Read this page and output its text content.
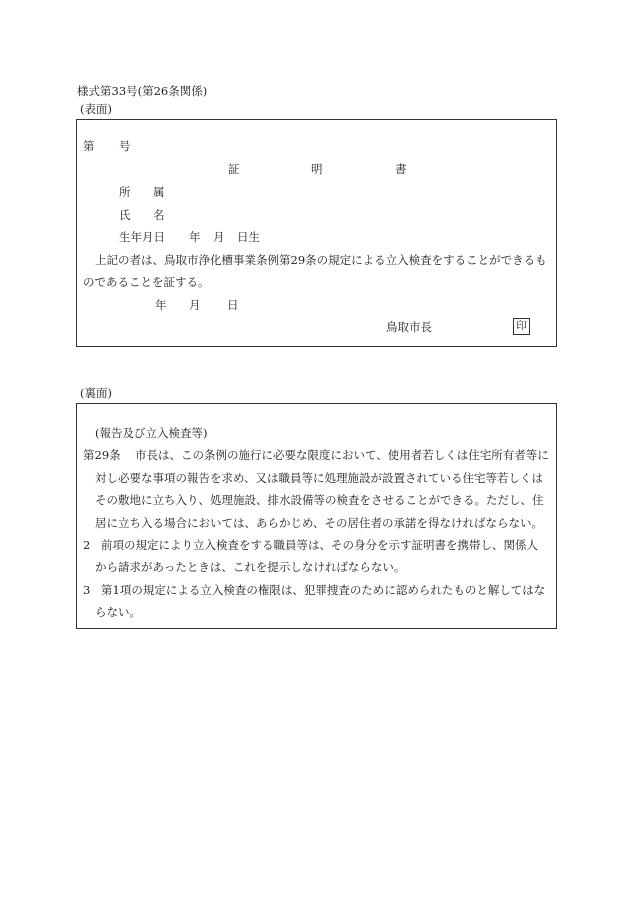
様式第33号(第26条関係)
(表面)
第 号
証	明	書
所 属
氏 名
生年月日 年 月 日生
上記の者は、鳥取市浄化槽事業条例第29条の規定による立入検査をすることができるも
のであることを証する。
年 月 日
鳥取市長	印
(裏面)
(報告及び立入検査等)
第29条 市長は、この条例の施行に必要な限度において、使用者若しくは住宅所有者等に
対し必要な事項の報告を求め、又は職員等に処理施設が設置されている住宅等若しくは
その敷地に立ち入り、処理施設、排水設備等の検査をさせることができる。ただし、住
居に立ち入る場合においては、あらかじめ、その居住者の承諾を得なければならない。
2 前項の規定により立入検査をする職員等は、その身分を示す証明書を携帯し、関係人
から請求があったときは、これを提示しなければならない。
3 第1項の規定による立入検査の権限は、犯罪捜査のために認められたものと解してはな
らない。
